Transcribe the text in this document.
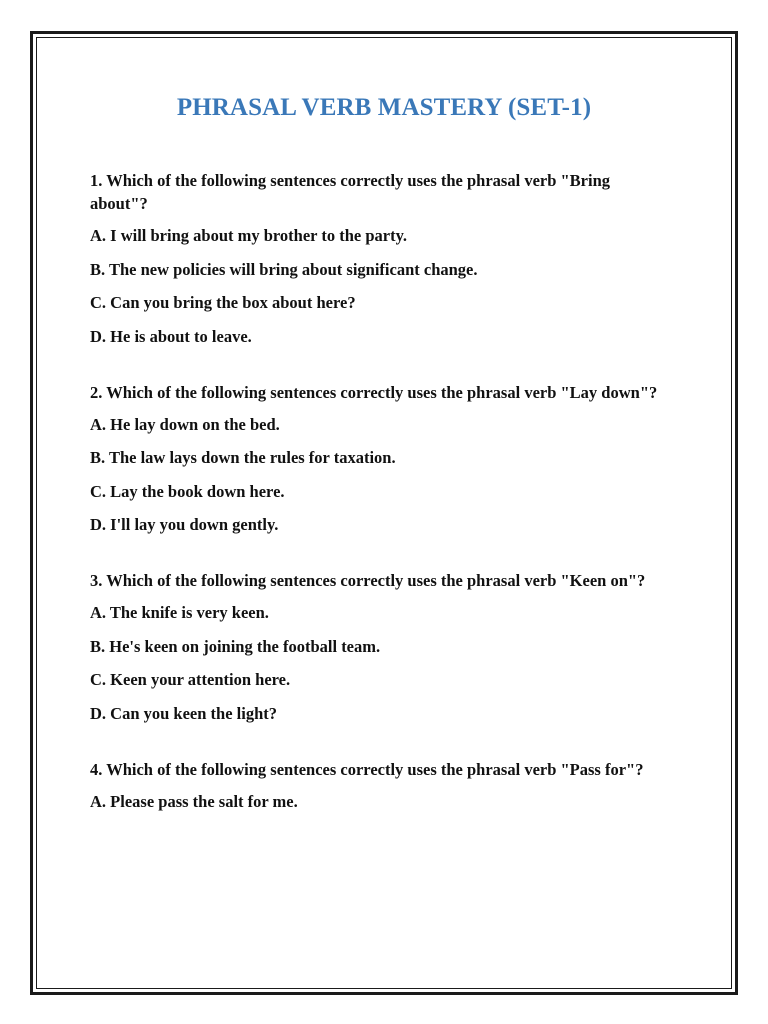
PHRASAL VERB MASTERY (SET-1)

1. Which of the following sentences correctly uses the phrasal verb "Bring about"?

A. I will bring about my brother to the party.

B. The new policies will bring about significant change.

C. Can you bring the box about here?

D. He is about to leave.

2. Which of the following sentences correctly uses the phrasal verb "Lay down"?

A. He lay down on the bed.

B. The law lays down the rules for taxation.

C. Lay the book down here.

D. I'll lay you down gently.

3. Which of the following sentences correctly uses the phrasal verb "Keen on"?

A. The knife is very keen.

B. He's keen on joining the football team.

C. Keen your attention here.

D. Can you keen the light?

4. Which of the following sentences correctly uses the phrasal verb "Pass for"?

A. Please pass the salt for me.
